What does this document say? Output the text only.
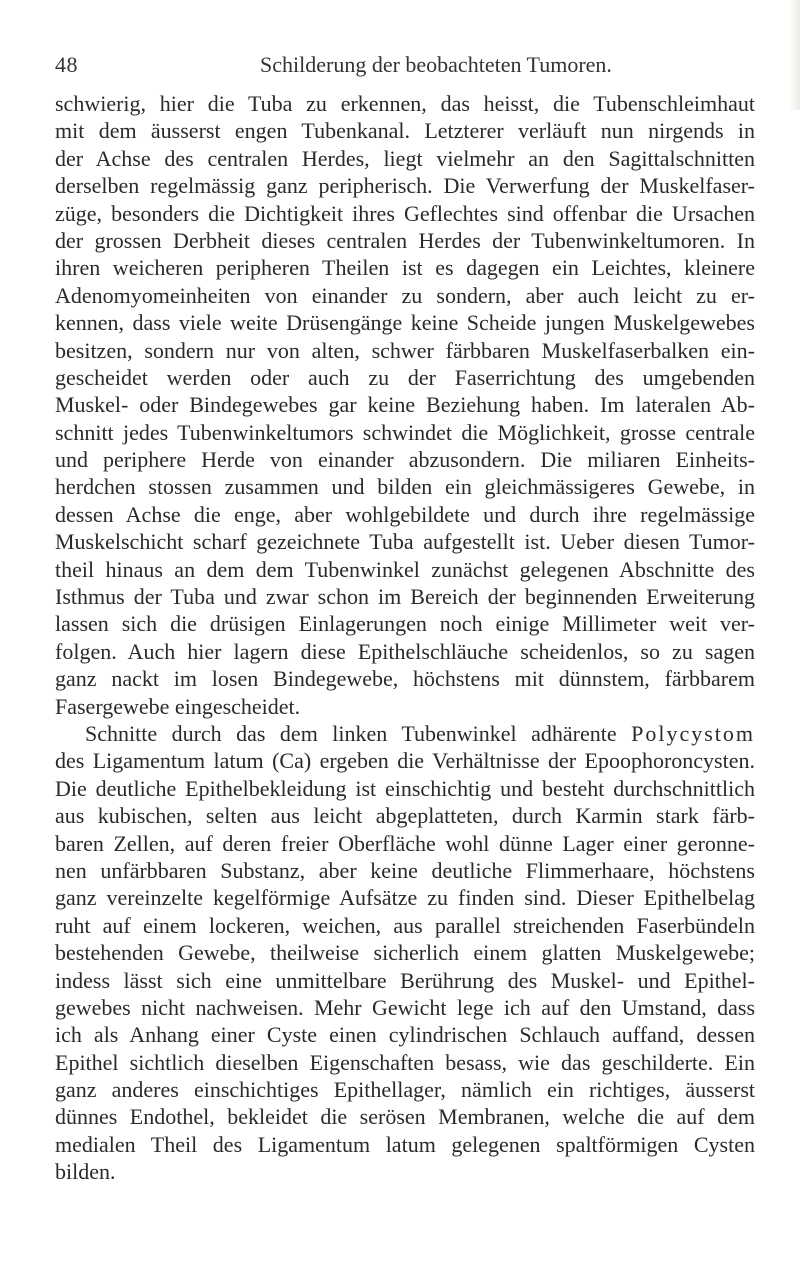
48	Schilderung der beobachteten Tumoren.
schwierig, hier die Tuba zu erkennen, das heisst, die Tubenschleimhaut
mit dem äusserst engen Tubenkanal. Letzterer verläuft nun nirgends in
der Achse des centralen Herdes, liegt vielmehr an den Sagittalschnitten
derselben regelmässig ganz peripherisch. Die Verwerfung der Muskelfaser-
züge, besonders die Dichtigkeit ihres Geflechtes sind offenbar die Ursachen
der grossen Derbheit dieses centralen Herdes der Tubenwinkeltumoren. In
ihren weicheren peripheren Theilen ist es dagegen ein Leichtes, kleinere
Adenomyomeinheiten von einander zu sondern, aber auch leicht zu er-
kennen, dass viele weite Drüsengänge keine Scheide jungen Muskelgewebes
besitzen, sondern nur von alten, schwer färbbaren Muskelfaserbalken ein-
gescheidet werden oder auch zu der Faserrichtung des umgebenden
Muskel- oder Bindegewebes gar keine Beziehung haben. Im lateralen Ab-
schnitt jedes Tubenwinkeltumors schwindet die Möglichkeit, grosse centrale
und periphere Herde von einander abzusondern. Die miliaren Einheits-
herdchen stossen zusammen und bilden ein gleichmässigeres Gewebe, in
dessen Achse die enge, aber wohlgebildete und durch ihre regelmässige
Muskelschicht scharf gezeichnete Tuba aufgestellt ist. Ueber diesen Tumor-
theil hinaus an dem dem Tubenwinkel zunächst gelegenen Abschnitte des
Isthmus der Tuba und zwar schon im Bereich der beginnenden Erweiterung
lassen sich die drüsigen Einlagerungen noch einige Millimeter weit ver-
folgen. Auch hier lagern diese Epithelschläuche scheidenlos, so zu sagen
ganz nackt im losen Bindegewebe, höchstens mit dünnstem, färbbarem
Fasergewebe eingescheidet.
Schnitte durch das dem linken Tubenwinkel adhärente Polycystom
des Ligamentum latum (Ca) ergeben die Verhältnisse der Epoophoroncysten.
Die deutliche Epithelbekleidung ist einschichtig und besteht durchschnittlich
aus kubischen, selten aus leicht abgeplatteten, durch Karmin stark färb-
baren Zellen, auf deren freier Oberfläche wohl dünne Lager einer geronne-
nen unfärbbaren Substanz, aber keine deutliche Flimmerhaare, höchstens
ganz vereinzelte kegelförmige Aufsätze zu finden sind. Dieser Epithelbelag
ruht auf einem lockeren, weichen, aus parallel streichenden Faserbündeln
bestehenden Gewebe, theilweise sicherlich einem glatten Muskelgewebe;
indess lässt sich eine unmittelbare Berührung des Muskel- und Epithel-
gewebes nicht nachweisen. Mehr Gewicht lege ich auf den Umstand, dass
ich als Anhang einer Cyste einen cylindrischen Schlauch auffand, dessen
Epithel sichtlich dieselben Eigenschaften besass, wie das geschilderte. Ein
ganz anderes einschichtiges Epithellager, nämlich ein richtiges, äusserst
dünnes Endothel, bekleidet die serösen Membranen, welche die auf dem
medialen Theil des Ligamentum latum gelegenen spaltförmigen Cysten
bilden.
